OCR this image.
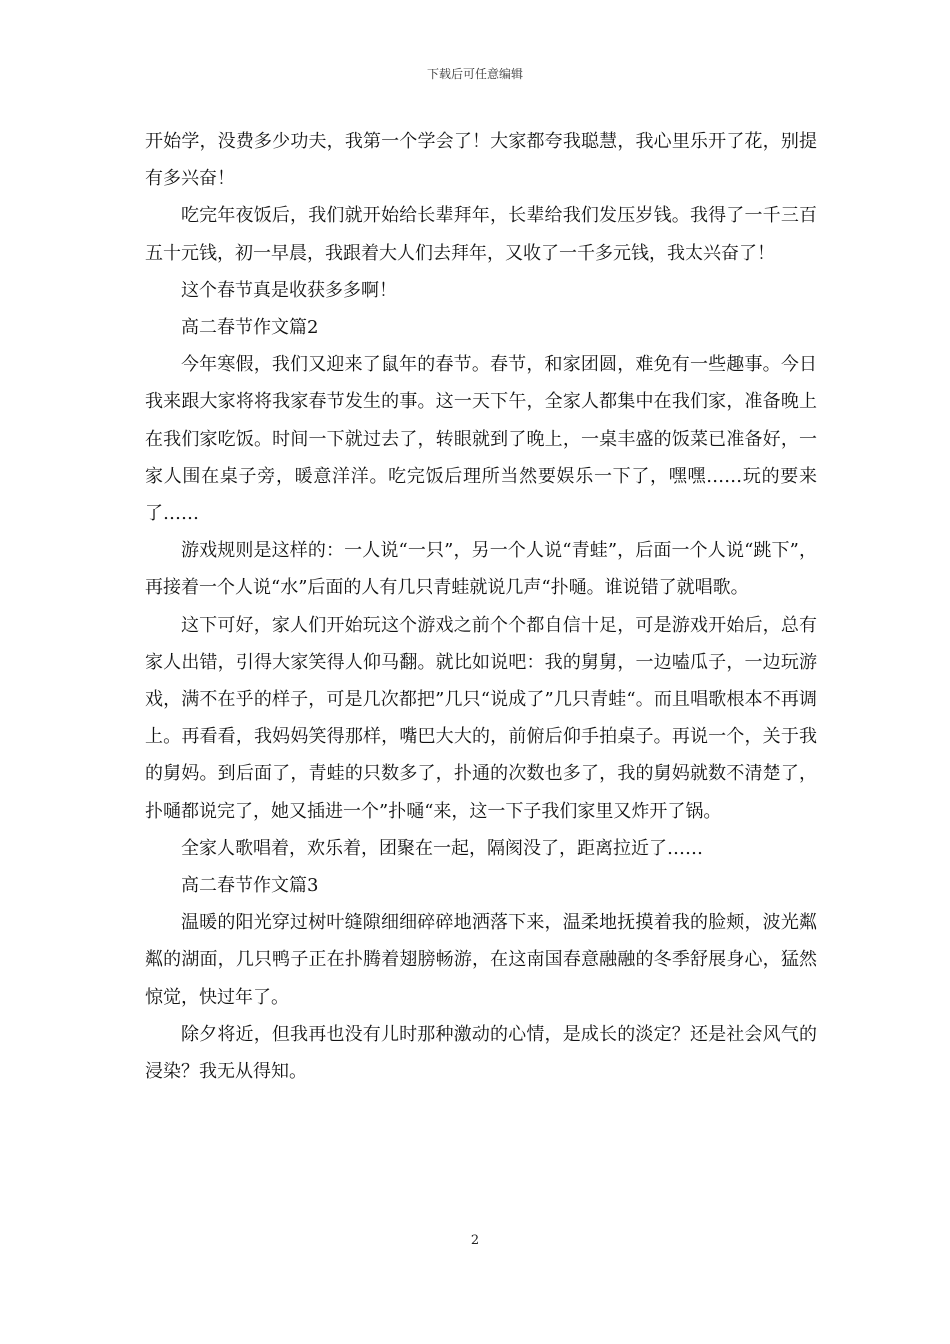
下载后可任意编辑

开始学，没费多少功夫，我第一个学会了！大家都夸我聪慧，我心里乐开了花，别提有多兴奋！

吃完年夜饭后，我们就开始给长辈拜年，长辈给我们发压岁钱。我得了一千三百五十元钱，初一早晨，我跟着大人们去拜年，又收了一千多元钱，我太兴奋了！

这个春节真是收获多多啊！

高二春节作文篇2

今年寒假，我们又迎来了鼠年的春节。春节，和家团圆，难免有一些趣事。今日我来跟大家将将我家春节发生的事。这一天下午，全家人都集中在我们家，准备晚上在我们家吃饭。时间一下就过去了，转眼就到了晚上，一桌丰盛的饭菜已准备好，一家人围在桌子旁，暖意洋洋。吃完饭后理所当然要娱乐一下了，嘿嘿……玩的要来了……

游戏规则是这样的：一人说“一只”，另一个人说“青蛙”，后面一个人说“跳下”，再接着一个人说“水”后面的人有几只青蛙就说几声“扑嗵。谁说错了就唱歌。

这下可好，家人们开始玩这个游戏之前个个都自信十足，可是游戏开始后，总有家人出错，引得大家笑得人仰马翻。就比如说吧：我的舅舅，一边嗑瓜子，一边玩游戏，满不在乎的样子，可是几次都把”几只“说成了”几只青蛙“。而且唱歌根本不再调上。再看看，我妈妈笑得那样，嘴巴大大的，前俯后仰手拍桌子。再说一个，关于我的舅妈。到后面了，青蛙的只数多了，扑通的次数也多了，我的舅妈就数不清楚了，扑嗵都说完了，她又插进一个”扑嗵“来，这一下子我们家里又炸开了锅。

全家人歌唱着，欢乐着，团聚在一起，隔阂没了，距离拉近了……

高二春节作文篇3

温暖的阳光穿过树叶缝隙细细碎碎地洒落下来，温柔地抚摸着我的脸颊，波光粼粼的湖面，几只鸭子正在扑腾着翅膀畅游，在这南国春意融融的冬季舒展身心，猛然惊觉，快过年了。

除夕将近，但我再也没有儿时那种激动的心情，是成长的淡定？还是社会风气的浸染？我无从得知。

2
